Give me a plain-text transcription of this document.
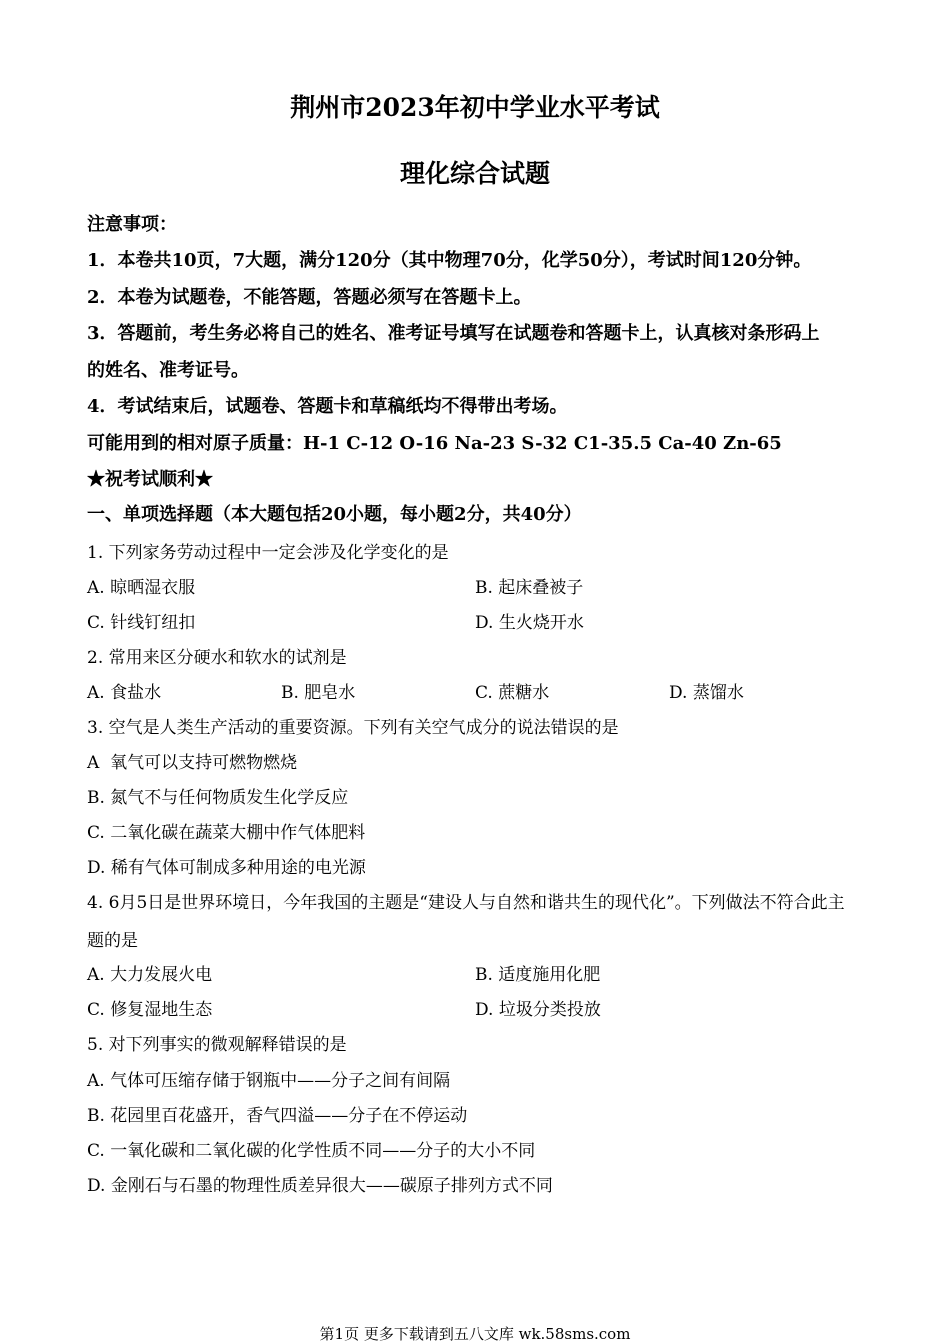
荆州市2023年初中学业水平考试
理化综合试题
注意事项：
1．本卷共10页，7大题，满分120分（其中物理70分，化学50分），考试时间120分钟。
2．本卷为试题卷，不能答题，答题必须写在答题卡上。
3．答题前，考生务必将自己的姓名、准考证号填写在试题卷和答题卡上，认真核对条形码上
的姓名、准考证号。
4．考试结束后，试题卷、答题卡和草稿纸均不得带出考场。
可能用到的相对原子质量：H-1 C-12 O-16 Na-23 S-32 C1-35.5 Ca-40 Zn-65
★祝考试顺利★
一、单项选择题（本大题包括20小题，每小题2分，共40分）
1. 下列家务劳动过程中一定会涉及化学变化的是
A. 晾晒湿衣服	B. 起床叠被子
C. 针线钉纽扣	D. 生火烧开水
2. 常用来区分硬水和软水的试剂是
A. 食盐水	B. 肥皂水	C. 蔗糖水	D. 蒸馏水
3. 空气是人类生产活动的重要资源。下列有关空气成分的说法错误的是
A  氧气可以支持可燃物燃烧
B. 氮气不与任何物质发生化学反应
C. 二氧化碳在蔬菜大棚中作气体肥料
D. 稀有气体可制成多种用途的电光源
4. 6月5日是世界环境日，今年我国的主题是“建设人与自然和谐共生的现代化”。下列做法不符合此主
题的是
A. 大力发展火电	B. 适度施用化肥
C. 修复湿地生态	D. 垃圾分类投放
5. 对下列事实的微观解释错误的是
A. 气体可压缩存储于钢瓶中——分子之间有间隔
B. 花园里百花盛开，香气四溢——分子在不停运动
C. 一氧化碳和二氧化碳的化学性质不同——分子的大小不同
D. 金刚石与石墨的物理性质差异很大——碳原子排列方式不同
第1页 更多下载请到五八文库 wk.58sms.com
